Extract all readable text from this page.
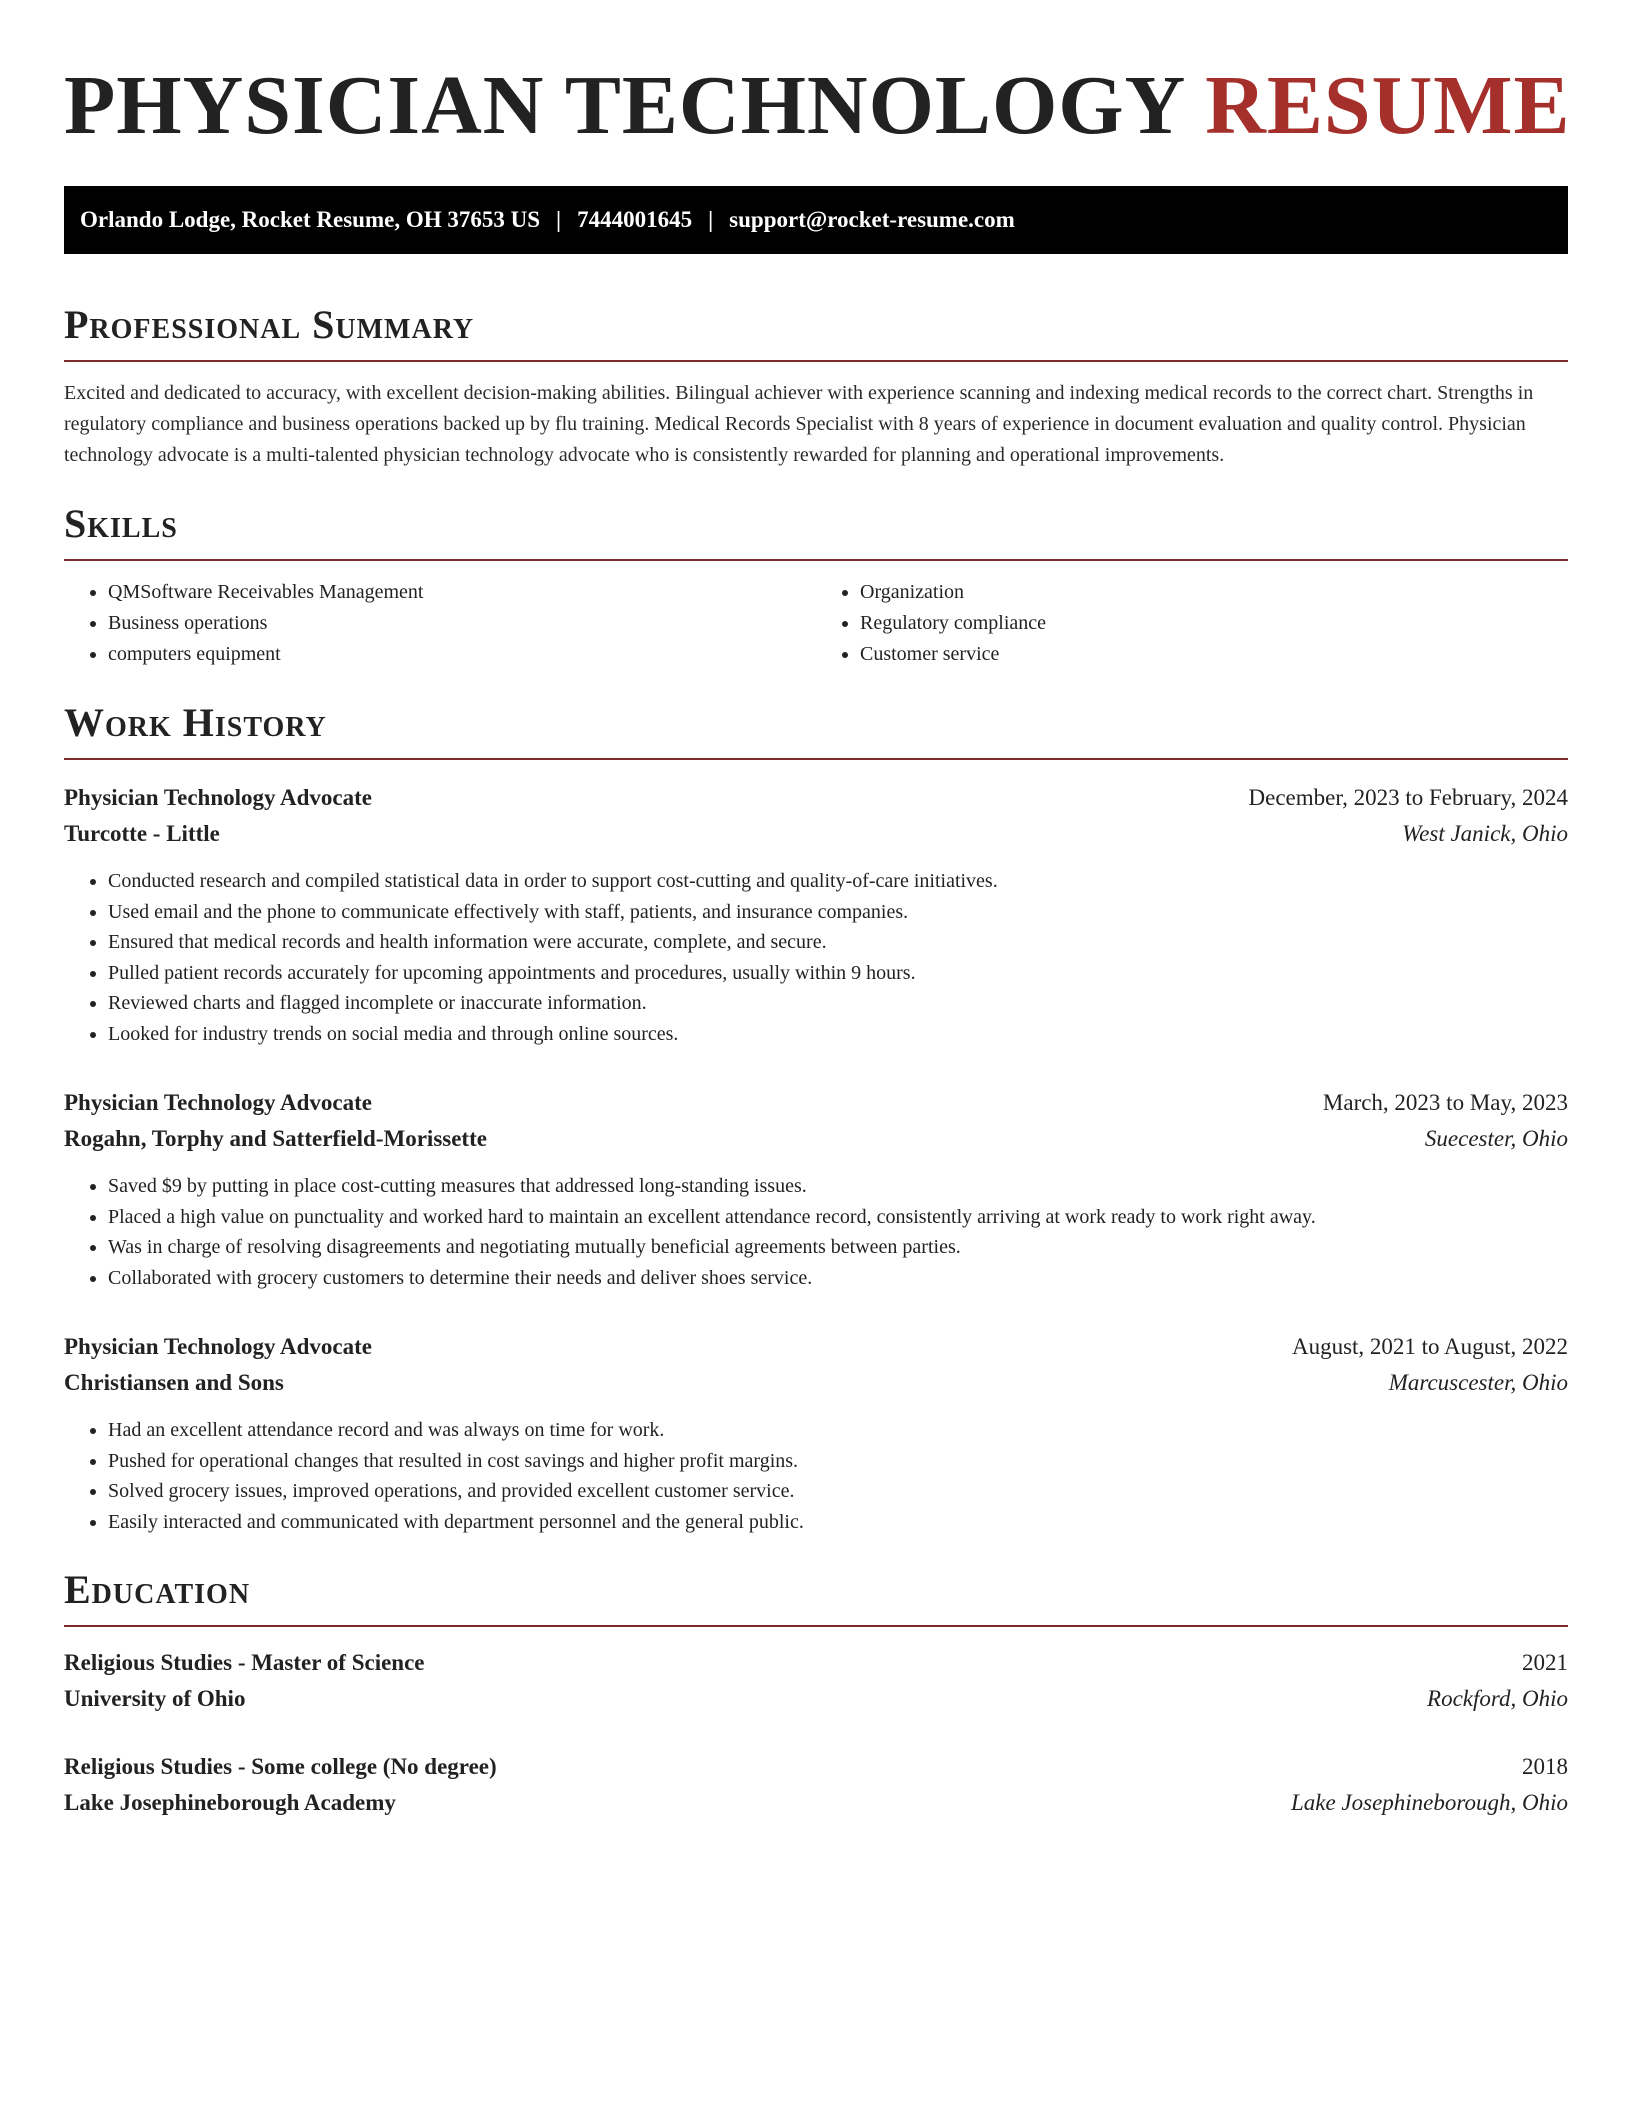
PHYSICIAN TECHNOLOGY RESUME
Orlando Lodge, Rocket Resume, OH 37653 US | 7444001645 | support@rocket-resume.com
Professional Summary

Excited and dedicated to accuracy, with excellent decision-making abilities. Bilingual achiever with experience scanning and indexing medical records to the correct chart. Strengths in regulatory compliance and business operations backed up by flu training. Medical Records Specialist with 8 years of experience in document evaluation and quality control. Physician technology advocate is a multi-talented physician technology advocate who is consistently rewarded for planning and operational improvements.

Skills
• QMSoftware Receivables Management
• Business operations
• computers equipment
• Organization
• Regulatory compliance
• Customer service
Work History
Physician Technology Advocate	December, 2023 to February, 2024
Turcotte - Little	West Janick, Ohio
• Conducted research and compiled statistical data in order to support cost-cutting and quality-of-care initiatives.
• Used email and the phone to communicate effectively with staff, patients, and insurance companies.
• Ensured that medical records and health information were accurate, complete, and secure.
• Pulled patient records accurately for upcoming appointments and procedures, usually within 9 hours.
• Reviewed charts and flagged incomplete or inaccurate information.
• Looked for industry trends on social media and through online sources.
Physician Technology Advocate	March, 2023 to May, 2023
Rogahn, Torphy and Satterfield-Morissette	Suecester, Ohio
• Saved $9 by putting in place cost-cutting measures that addressed long-standing issues.
• Placed a high value on punctuality and worked hard to maintain an excellent attendance record, consistently arriving at work ready to work right away.
• Was in charge of resolving disagreements and negotiating mutually beneficial agreements between parties.
• Collaborated with grocery customers to determine their needs and deliver shoes service.
Physician Technology Advocate	August, 2021 to August, 2022
Christiansen and Sons	Marcuscester, Ohio
• Had an excellent attendance record and was always on time for work.
• Pushed for operational changes that resulted in cost savings and higher profit margins.
• Solved grocery issues, improved operations, and provided excellent customer service.
• Easily interacted and communicated with department personnel and the general public.
Education
Religious Studies - Master of Science	2021
University of Ohio	Rockford, Ohio
Religious Studies - Some college (No degree)	2018
Lake Josephineborough Academy	Lake Josephineborough, Ohio
